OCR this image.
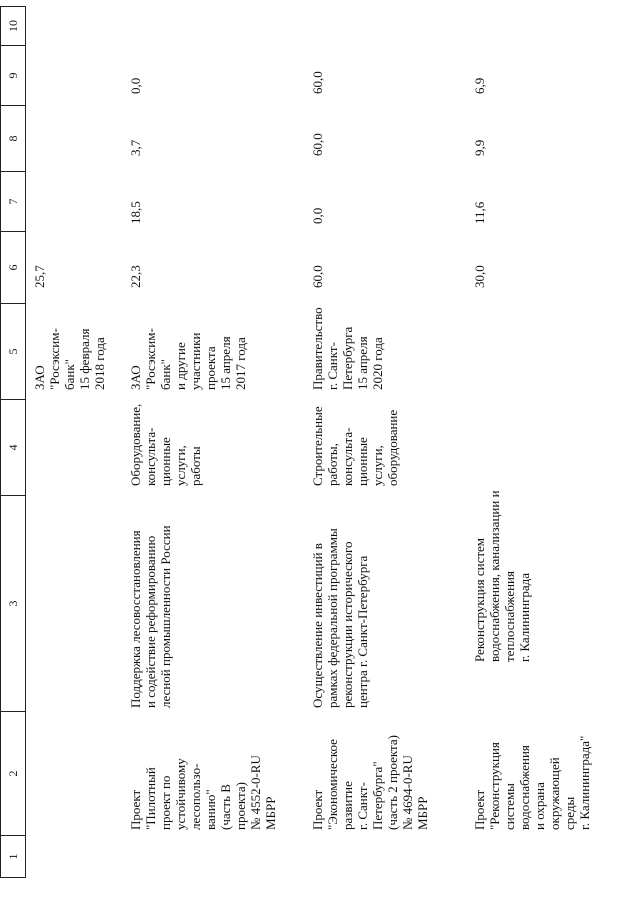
1
2
3
4
5
6
7
8
9
10
ЗАО
"Росэксим-
банк"
15 февраля
2018 года
25,7
Проект
"Пилотный
проект по
устойчивому
лесопользо-
ванию"
(часть В
проекта)
№ 4552-0-RU
МБРР
Поддержка лесовосстановления
и содействие реформированию
лесной промышленности России
Оборудование,
консульта-
ционные
услуги,
работы
ЗАО
"Росэксим-
банк"
и другие
участники
проекта
15 апреля
2017 года
22,3
18,5
3,7
0,0
Проект
"Экономическое
развитие
г. Санкт-
Петербурга"
(часть 2 проекта)
№ 4694-0-RU
МБРР
Осуществление инвестиций в
рамках федеральной программы
реконструкции исторического
центра г. Санкт-Петербурга
Строительные
работы,
консульта-
ционные
услуги,
оборудование
Правительство
г. Санкт-
Петербурга
15 апреля
2020 года
60,0
0,0
60,0
60,0
Проект
"Реконструкция
системы
водоснабжения
и охрана
окружающей
среды
г. Калининграда"
Реконструкция систем
водоснабжения, канализации и
теплоснабжения
г. Калининграда
30,0
11,6
9,9
6,9
